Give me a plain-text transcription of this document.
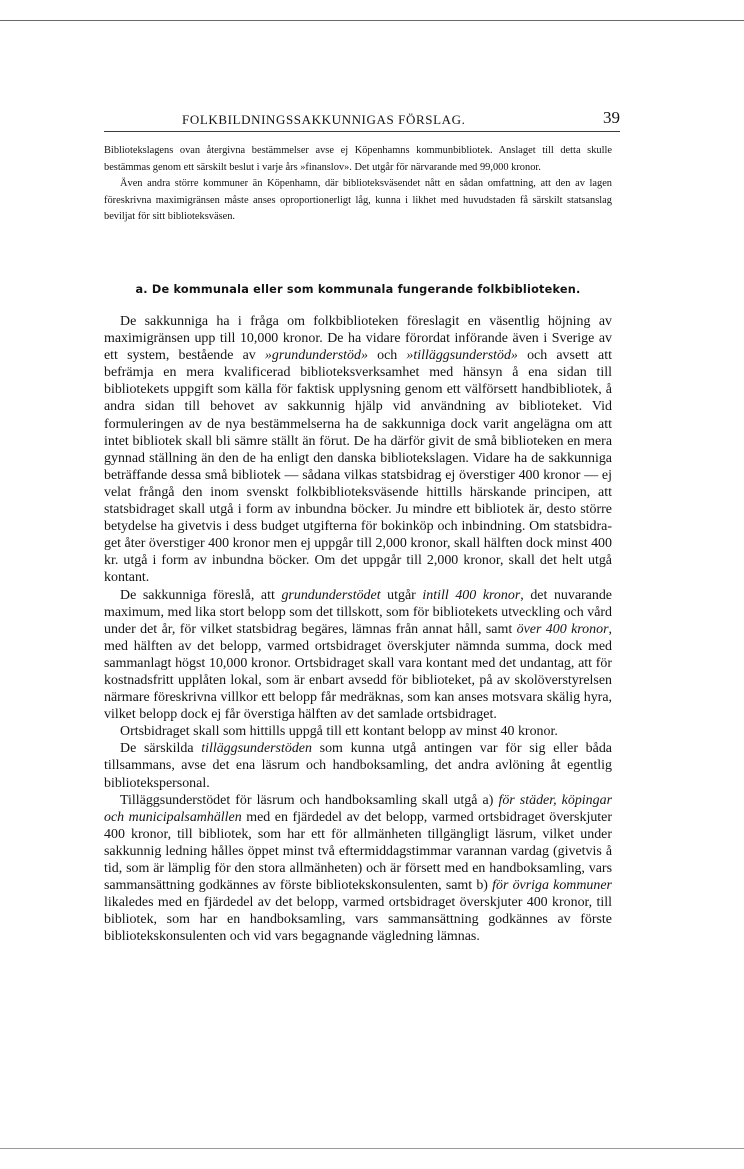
FOLKBILDNINGSSAKKUNNIGAS FÖRSLAG.	39

Bibliotekslagens ovan återgivna bestämmelser avse ej Köpenhamns kommunbibliotek. Anslaget till detta skulle bestämmas genom ett särskilt beslut i varje års »finanslov». Det utgår för närvarande med 99,000 kronor.

Även andra större kommuner än Köpenhamn, där biblioteksväsendet nått en sådan omfattning, att den av lagen föreskrivna maximigränsen måste anses oproportionerligt låg, kunna i likhet med huvudstaden få särskilt statsanslag beviljat för sitt biblioteksväsen.

a. De kommunala eller som kommunala fungerande folkbiblioteken.

De sakkunniga ha i fråga om folkbiblioteken föreslagit en väsentlig höjning av maximigränsen upp till 10,000 kronor. De ha vidare förordat införande även i Sverige av ett system, bestående av »grundunderstöd» och »tilläggsunderstöd» och avsett att befrämja en mera kvalificerad biblioteksverksamhet med hänsyn å ena sidan till bibliotekets uppgift som källa för faktisk upplysning genom ett välförsett handbibliotek, å andra sidan till behovet av sakkunnig hjälp vid användning av biblioteket. Vid formuleringen av de nya bestämmelserna ha de sakkunniga dock varit angelägna om att intet bibliotek skall bli sämre ställt än förut. De ha därför givit de små biblioteken en mera gynnad ställning än den de ha enligt den danska bibliotekslagen. Vidare ha de sakkunniga beträffande dessa små bibliotek — sådana vilkas statsbidrag ej överstiger 400 kronor — ej velat frångå den inom svenskt folkbiblioteksväsende hittills härskande principen, att statsbidraget skall utgå i form av inbundna böcker. Ju mindre ett bibliotek är, desto större betydelse ha givetvis i dess budget utgifterna för bokinköp och inbindning. Om statsbidraget åter överstiger 400 kronor men ej uppgår till 2,000 kronor, skall hälften dock minst 400 kr. utgå i form av inbundna böcker. Om det uppgår till 2,000 kronor, skall det helt utgå kontant.

De sakkunniga föreslå, att grundunderstödet utgår intill 400 kronor, det nuvarande maximum, med lika stort belopp som det tillskott, som för bibliotekets utveckling och vård under det år, för vilket statsbidrag begäres, lämnas från annat håll, samt över 400 kronor, med hälften av det belopp, varmed ortsbidraget överskjuter nämnda summa, dock med sammanlagt högst 10,000 kronor. Ortsbidraget skall vara kontant med det undantag, att för kostnadsfritt upplåten lokal, som är enbart avsedd för biblioteket, på av skolöverstyrelsen närmare föreskrivna villkor ett belopp får medräknas, som kan anses motsvara skälig hyra, vilket belopp dock ej får överstiga hälften av det samlade ortsbidraget.

Ortsbidraget skall som hittills uppgå till ett kontant belopp av minst 40 kronor.

De särskilda tilläggsunderstöden som kunna utgå antingen var för sig eller båda tillsammans, avse det ena läsrum och handboksamling, det andra avlöning åt egentlig bibliotekspersonal.

Tilläggsunderstödet för läsrum och handboksamling skall utgå a) för städer, köpingar och municipalsamhällen med en fjärdedel av det belopp, varmed ortsbidraget överskjuter 400 kronor, till bibliotek, som har ett för allmänheten tillgängligt läsrum, vilket under sakkunnig ledning hålles öppet minst två eftermiddagstimmar varannan vardag (givetvis å tid, som är lämplig för den stora allmänheten) och är försett med en handboksamling, vars sammansättning godkännes av förste bibliotekskonsulenten, samt b) för övriga kommuner likaledes med en fjärdedel av det belopp, varmed ortsbidraget överskjuter 400 kronor, till bibliotek, som har en handboksamling, vars sammansättning godkännes av förste bibliotekskonsulenten och vid vars begagnande vägledning lämnas.
